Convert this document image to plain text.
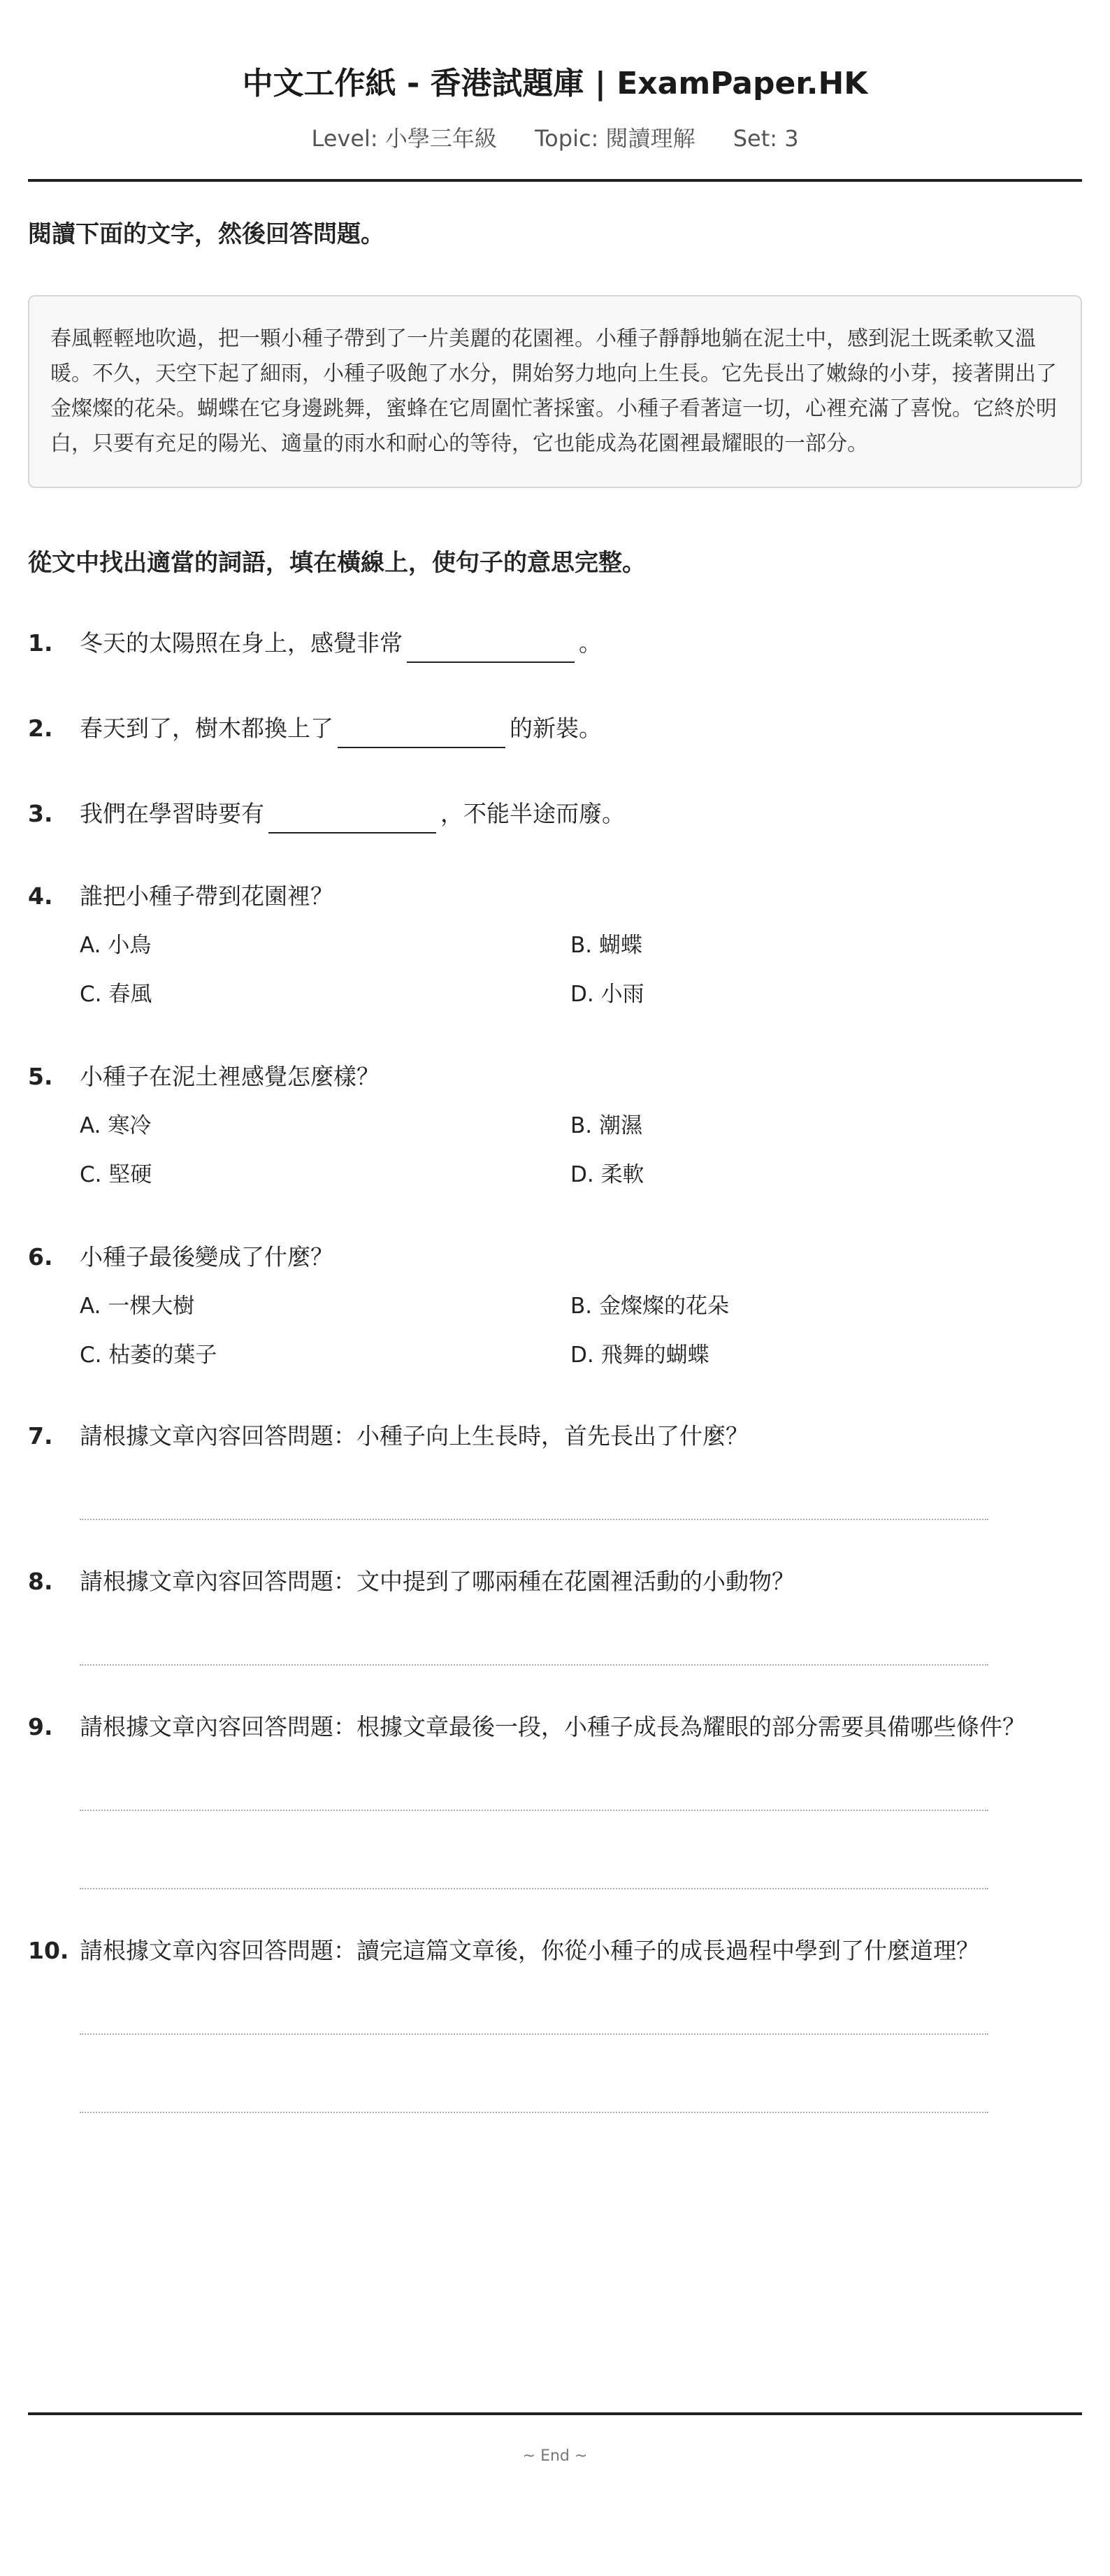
中文工作紙 - 香港試題庫 | ExamPaper.HK
Level: 小學三年級 Topic: 閱讀理解 Set: 3
閱讀下面的文字，然後回答問題。
春風輕輕地吹過，把一顆小種子帶到了一片美麗的花園裡。小種子靜靜地躺在泥土中，感到泥土既柔軟又溫暖。不久，天空下起了細雨，小種子吸飽了水分，開始努力地向上生長。它先長出了嫩綠的小芽，接著開出了金燦燦的花朵。蝴蝶在它身邊跳舞，蜜蜂在它周圍忙著採蜜。小種子看著這一切，心裡充滿了喜悅。它終於明白，只要有充足的陽光、適量的雨水和耐心的等待，它也能成為花園裡最耀眼的一部分。
從文中找出適當的詞語，填在橫線上，使句子的意思完整。
1.	冬天的太陽照在身上，感覺非常	。
2.	春天到了，樹木都換上了	的新裝。
3.	我們在學習時要有	，不能半途而廢。
4.	誰把小種子帶到花園裡？
A. 小鳥	B. 蝴蝶
C. 春風	D. 小雨
5.	小種子在泥土裡感覺怎麼樣？
A. 寒冷	B. 潮濕
C. 堅硬	D. 柔軟
6.	小種子最後變成了什麼？
A. 一棵大樹	B. 金燦燦的花朵
C. 枯萎的葉子	D. 飛舞的蝴蝶
7.	請根據文章內容回答問題：小種子向上生長時，首先長出了什麼？
8.	請根據文章內容回答問題：文中提到了哪兩種在花園裡活動的小動物？
9.	請根據文章內容回答問題：根據文章最後一段，小種子成長為耀眼的部分需要具備哪些條件？
10. 請根據文章內容回答問題：讀完這篇文章後，你從小種子的成長過程中學到了什麼道理？
~ End ~
